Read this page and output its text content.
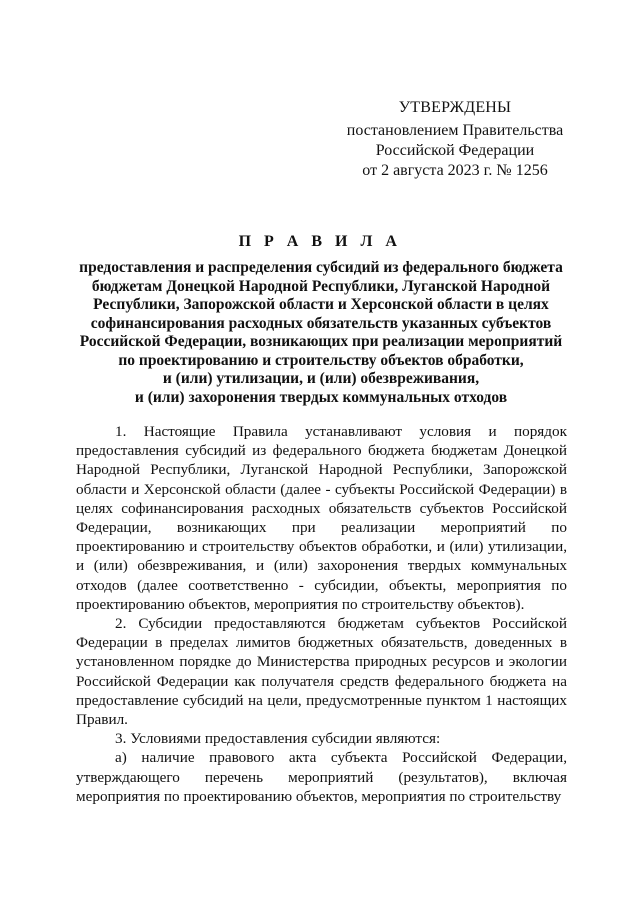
УТВЕРЖДЕНЫ
постановлением Правительства
Российской Федерации
от 2 августа 2023 г. № 1256
П Р А В И Л А
предоставления и распределения субсидий из федерального бюджета
бюджетам Донецкой Народной Республики, Луганской Народной
Республики, Запорожской области и Херсонской области в целях
софинансирования расходных обязательств указанных субъектов
Российской Федерации, возникающих при реализации мероприятий
по проектированию и строительству объектов обработки,
и (или) утилизации, и (или) обезвреживания,
и (или) захоронения твердых коммунальных отходов

1. Настоящие Правила устанавливают условия и порядок предоставления субсидий из федерального бюджета бюджетам Донецкой Народной Республики, Луганской Народной Республики, Запорожской области и Херсонской области (далее - субъекты Российской Федерации) в целях софинансирования расходных обязательств субъектов Российской Федерации, возникающих при реализации мероприятий по проектированию и строительству объектов обработки, и (или) утилизации, и (или) обезвреживания, и (или) захоронения твердых коммунальных отходов (далее соответственно - субсидии, объекты, мероприятия по проектированию объектов, мероприятия по строительству объектов).

2. Субсидии предоставляются бюджетам субъектов Российской Федерации в пределах лимитов бюджетных обязательств, доведенных в установленном порядке до Министерства природных ресурсов и экологии Российской Федерации как получателя средств федерального бюджета на предоставление субсидий на цели, предусмотренные пунктом 1 настоящих Правил.

3. Условиями предоставления субсидии являются:

а) наличие правового акта субъекта Российской Федерации, утверждающего перечень мероприятий (результатов), включая мероприятия по проектированию объектов, мероприятия по строительству
